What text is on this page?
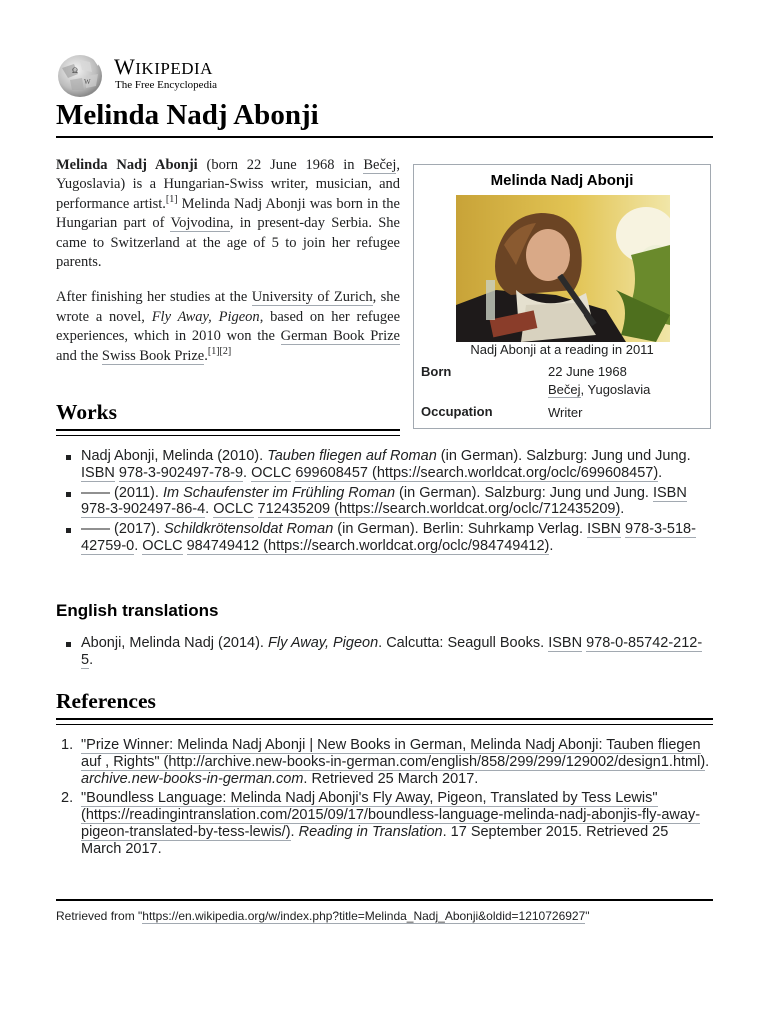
Ω
W
WIKIPEDIA
The Free Encyclopedia
Melinda Nadj Abonji

Melinda Nadj Abonji (born 22 June 1968 in Bečej, Yugoslavia) is a Hungarian-Swiss writer, musician, and performance artist.[1] Melinda Nadj Abonji was born in the Hungarian part of Vojvodina, in present-day Serbia. She came to Switzerland at the age of 5 to join her refugee parents.

After finishing her studies at the University of Zurich, she wrote a novel, Fly Away, Pigeon, based on her refugee experiences, which in 2010 won the German Book Prize and the Swiss Book Prize.[1][2]

Melinda Nadj Abonji
Nadj Abonji at a reading in 2011
Born	22 June 1968
Bečej, Yugoslavia
Occupation	Writer
Works
Nadj Abonji, Melinda (2010). Tauben fliegen auf Roman (in German). Salzburg: Jung und Jung. ISBN 978-3-902497-78-9. OCLC 699608457 (https://search.worldcat.org/oclc/699608457).
—— (2011). Im Schaufenster im Frühling Roman (in German). Salzburg: Jung und Jung. ISBN 978-3-902497-86-4. OCLC 712435209 (https://search.worldcat.org/oclc/712435209).
—— (2017). Schildkrötensoldat Roman (in German). Berlin: Suhrkamp Verlag. ISBN 978-3-518-42759-0. OCLC 984749412 (https://search.worldcat.org/oclc/984749412).
English translations
Abonji, Melinda Nadj (2014). Fly Away, Pigeon. Calcutta: Seagull Books. ISBN 978-0-85742-212-5.
References
1. "Prize Winner: Melinda Nadj Abonji | New Books in German, Melinda Nadj Abonji: Tauben fliegen auf , Rights" (http://archive.new-books-in-german.com/english/858/299/299/129002/design1.html). archive.new-books-in-german.com. Retrieved 25 March 2017.
2. "Boundless Language: Melinda Nadj Abonji's Fly Away, Pigeon, Translated by Tess Lewis" (https://readingintranslation.com/2015/09/17/boundless-language-melinda-nadj-abonjis-fly-away-pigeon-translated-by-tess-lewis/). Reading in Translation. 17 September 2015. Retrieved 25 March 2017.
Retrieved from "https://en.wikipedia.org/w/index.php?title=Melinda_Nadj_Abonji&oldid=1210726927"
